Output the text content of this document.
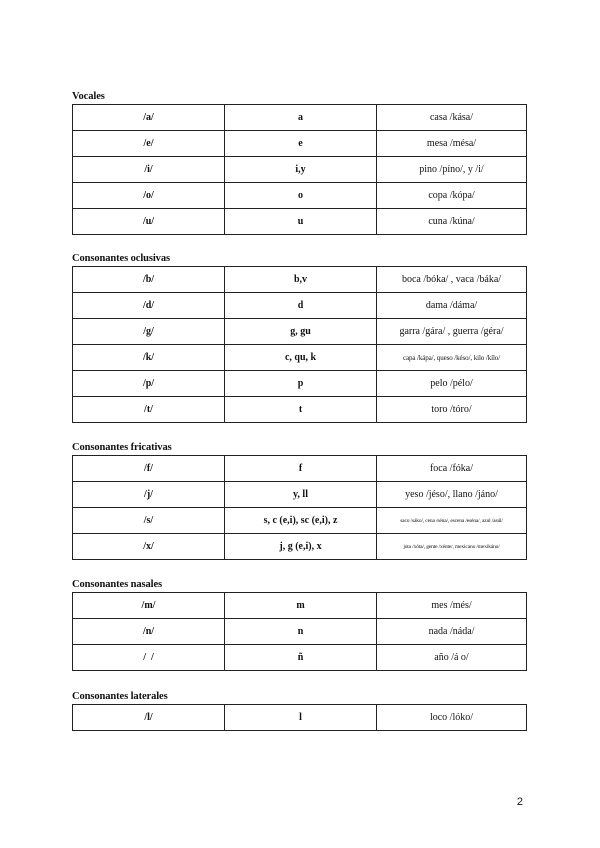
Vocales
/a/	a	casa /kása/
/e/	e	mesa /mésa/
/i/	i,y	pino /píno/, y /i/
/o/	o	copa /kópa/
/u/	u	cuna /kúna/
Consonantes oclusivas
/b/	b,v	boca /bóka/ , vaca /báka/
/d/	d	dama /dáma/
/g/	g, gu	garra /gára/ , guerra /géra/
/k/	c, qu, k	capa /kápa/, queso /késo/, kilo /kílo/
/p/	p	pelo /pélo/
/t/	t	toro /tóro/
Consonantes fricativas
/f/	f	foca /fóka/
/j/	y, ll	yeso /jéso/, llano /jáno/
/s/	s, c (e,i), sc (e,i), z	saco /sáko/, cena /séna/, escena /eséna/, azul /asúl/
/x/	j, g (e,i), x	jota /xóta/, gente /xénte/, mexicano /mexikáno/
Consonantes nasales
/m/	m	mes /més/
/n/	n	nada /náda/
/  /	ñ	año /á o/
Consonantes laterales
/l/	l	loco /lóko/
2
